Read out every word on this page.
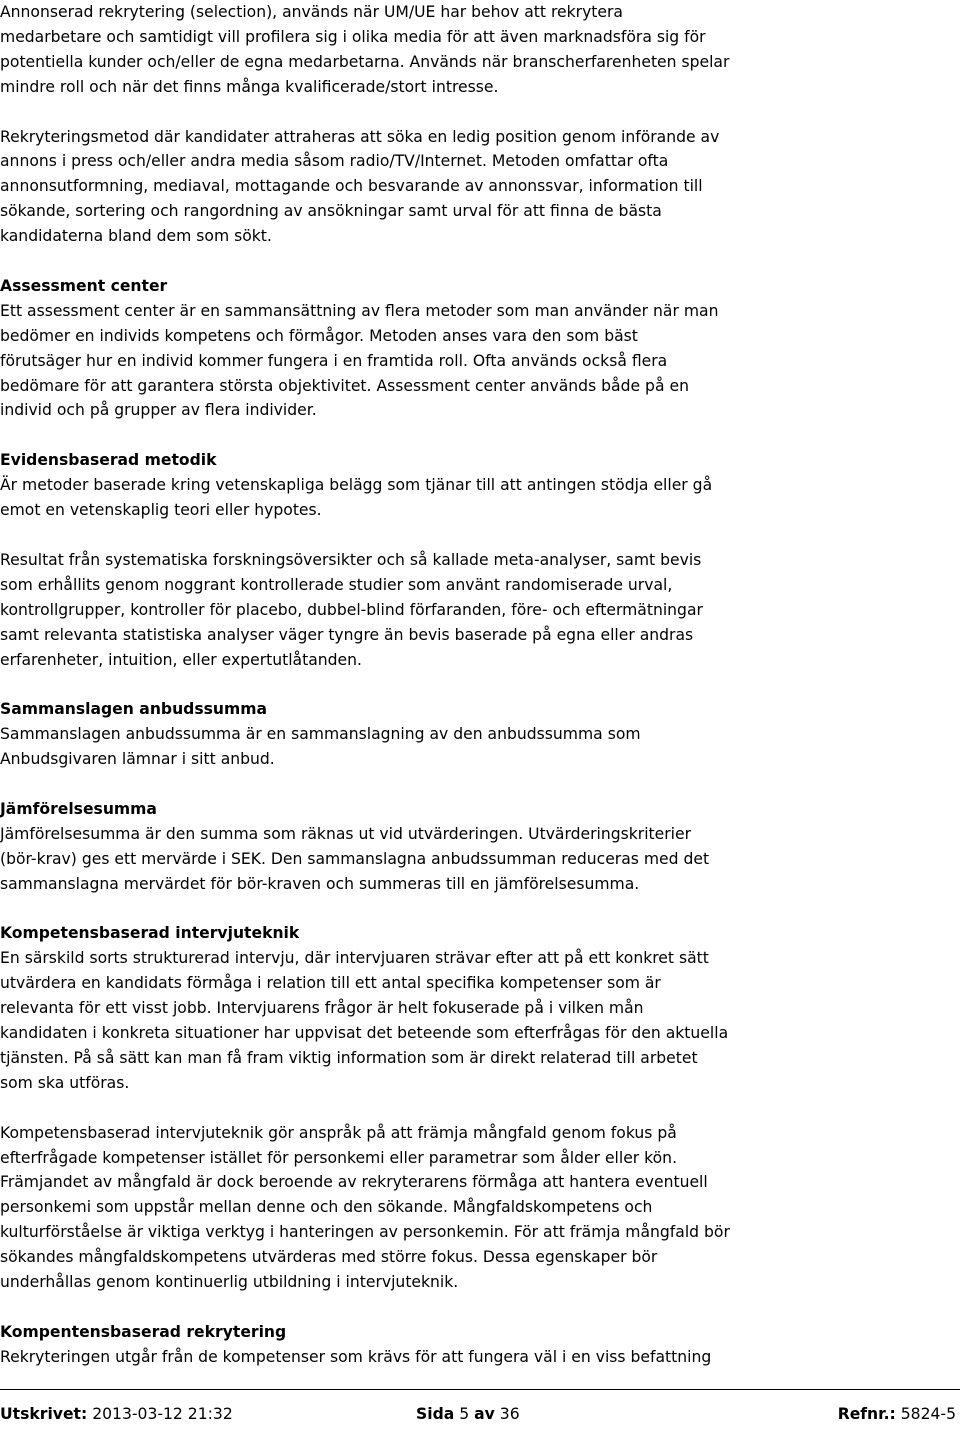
Annonserad rekrytering (selection), används när UM/UE har behov att rekrytera

medarbetare och samtidigt vill profilera sig i olika media för att även marknadsföra sig för

potentiella kunder och/eller de egna medarbetarna. Används när branscherfarenheten spelar

mindre roll och när det finns många kvalificerade/stort intresse.

Rekryteringsmetod där kandidater attraheras att söka en ledig position genom införande av

annons i press och/eller andra media såsom radio/TV/Internet. Metoden omfattar ofta

annonsutformning, mediaval, mottagande och besvarande av annonssvar, information till

sökande, sortering och rangordning av ansökningar samt urval för att finna de bästa

kandidaterna bland dem som sökt.

Assessment center

Ett assessment center är en sammansättning av flera metoder som man använder när man

bedömer en individs kompetens och förmågor. Metoden anses vara den som bäst

förutsäger hur en individ kommer fungera i en framtida roll. Ofta används också flera

bedömare för att garantera största objektivitet. Assessment center används både på en

individ och på grupper av flera individer.

Evidensbaserad metodik

Är metoder baserade kring vetenskapliga belägg som tjänar till att antingen stödja eller gå

emot en vetenskaplig teori eller hypotes.

Resultat från systematiska forskningsöversikter och så kallade meta-analyser, samt bevis

som erhållits genom noggrant kontrollerade studier som använt randomiserade urval,

kontrollgrupper, kontroller för placebo, dubbel-blind förfaranden, före- och eftermätningar

samt relevanta statistiska analyser väger tyngre än bevis baserade på egna eller andras

erfarenheter, intuition, eller expertutlåtanden.

Sammanslagen anbudssumma

Sammanslagen anbudssumma är en sammanslagning av den anbudssumma som

Anbudsgivaren lämnar i sitt anbud.

Jämförelsesumma

Jämförelsesumma är den summa som räknas ut vid utvärderingen. Utvärderingskriterier

(bör-krav) ges ett mervärde i SEK. Den sammanslagna anbudssumman reduceras med det

sammanslagna mervärdet för bör-kraven och summeras till en jämförelsesumma.

Kompetensbaserad intervjuteknik

En särskild sorts strukturerad intervju, där intervjuaren strävar efter att på ett konkret sätt

utvärdera en kandidats förmåga i relation till ett antal specifika kompetenser som är

relevanta för ett visst jobb. Intervjuarens frågor är helt fokuserade på i vilken mån

kandidaten i konkreta situationer har uppvisat det beteende som efterfrågas för den aktuella

tjänsten. På så sätt kan man få fram viktig information som är direkt relaterad till arbetet

som ska utföras.

Kompetensbaserad intervjuteknik gör anspråk på att främja mångfald genom fokus på

efterfrågade kompetenser istället för personkemi eller parametrar som ålder eller kön.

Främjandet av mångfald är dock beroende av rekryterarens förmåga att hantera eventuell

personkemi som uppstår mellan denne och den sökande. Mångfaldskompetens och

kulturförståelse är viktiga verktyg i hanteringen av personkemin. För att främja mångfald bör

sökandes mångfaldskompetens utvärderas med större fokus. Dessa egenskaper bör

underhållas genom kontinuerlig utbildning i intervjuteknik.

Kompentensbaserad rekrytering

Rekryteringen utgår från de kompetenser som krävs för att fungera väl i en viss befattning

Utskrivet: 2013-03-12 21:32	Sida 5 av 36	Refnr.: 5824-5
